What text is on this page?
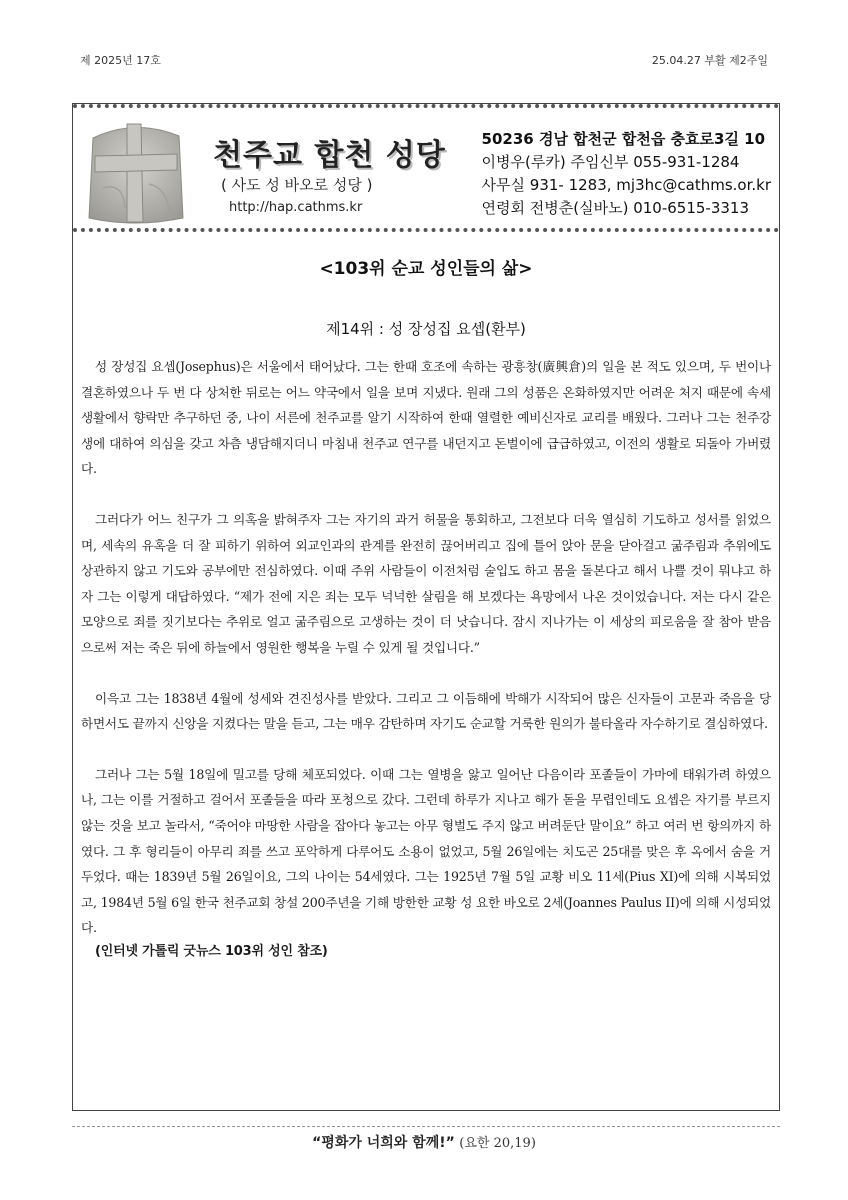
제 2025년 17호	25.04.27 부활 제2주일
천주교 합천 성당
( 사도 성 바오로 성당 )
http://hap.cathms.kr
50236 경남 합천군 합천읍 충효로3길 10
이병우(루카) 주임신부 055-931-1284
사무실 931- 1283, mj3hc@cathms.or.kr
연령회 전병춘(실바노) 010-6515-3313
<103위 순교 성인들의 삶>
제14위 : 성 장성집 요셉(환부)

성 장성집 요셉(Josephus)은 서울에서 태어났다. 그는 한때 호조에 속하는 광흥창(廣興倉)의 일을 본 적도 있으며, 두 번이나 결혼하였으나 두 번 다 상처한 뒤로는 어느 약국에서 일을 보며 지냈다. 원래 그의 성품은 온화하였지만 어려운 처지 때문에 속세 생활에서 향락만 추구하던 중, 나이 서른에 천주교를 알기 시작하여 한때 열렬한 예비신자로 교리를 배웠다. 그러나 그는 천주강생에 대하여 의심을 갖고 차츰 냉담해지더니 마침내 천주교 연구를 내던지고 돈벌이에 급급하였고, 이전의 생활로 되돌아 가버렸다.

그러다가 어느 친구가 그 의혹을 밝혀주자 그는 자기의 과거 허물을 통회하고, 그전보다 더욱 열심히 기도하고 성서를 읽었으며, 세속의 유혹을 더 잘 피하기 위하여 외교인과의 관계를 완전히 끊어버리고 집에 틀어 앉아 문을 닫아걸고 굶주림과 추위에도 상관하지 않고 기도와 공부에만 전심하였다. 이때 주위 사람들이 이전처럼 술입도 하고 몸을 돌본다고 해서 나쁠 것이 뭐냐고 하자 그는 이렇게 대답하였다. “제가 전에 지은 죄는 모두 넉넉한 살림을 해 보겠다는 욕망에서 나온 것이었습니다. 저는 다시 같은 모양으로 죄를 짓기보다는 추위로 얼고 굶주림으로 고생하는 것이 더 낫습니다. 잠시 지나가는 이 세상의 피로움을 잘 참아 받음으로써 저는 죽은 뒤에 하늘에서 영원한 행복을 누릴 수 있게 될 것입니다.”

이윽고 그는 1838년 4월에 성세와 견진성사를 받았다. 그리고 그 이듬해에 박해가 시작되어 많은 신자들이 고문과 죽음을 당하면서도 끝까지 신앙을 지켰다는 말을 듣고, 그는 매우 감탄하며 자기도 순교할 거룩한 원의가 불타올라 자수하기로 결심하였다.

그러나 그는 5월 18일에 밀고를 당해 체포되었다. 이때 그는 열병을 앓고 일어난 다음이라 포졸들이 가마에 태워가려 하였으나, 그는 이를 거절하고 걸어서 포졸들을 따라 포청으로 갔다. 그런데 하루가 지나고 해가 돋을 무렵인데도 요셉은 자기를 부르지 않는 것을 보고 놀라서, “죽어야 마땅한 사람을 잡아다 놓고는 아무 형벌도 주지 않고 버려둔단 말이요” 하고 여러 번 항의까지 하였다. 그 후 형리들이 아무리 죄를 쓰고 포악하게 다루어도 소용이 없었고, 5월 26일에는 치도곤 25대를 맞은 후 옥에서 숨을 거두었다. 때는 1839년 5월 26일이요, 그의 나이는 54세였다. 그는 1925년 7월 5일 교황 비오 11세(Pius XI)에 의해 시복되었고, 1984년 5월 6일 한국 천주교회 창설 200주년을 기해 방한한 교황 성 요한 바오로 2세(Joannes Paulus II)에 의해 시성되었다.

(인터넷 가톨릭 굿뉴스 103위 성인 참조)

“평화가 너희와 함께!” (요한 20,19)
